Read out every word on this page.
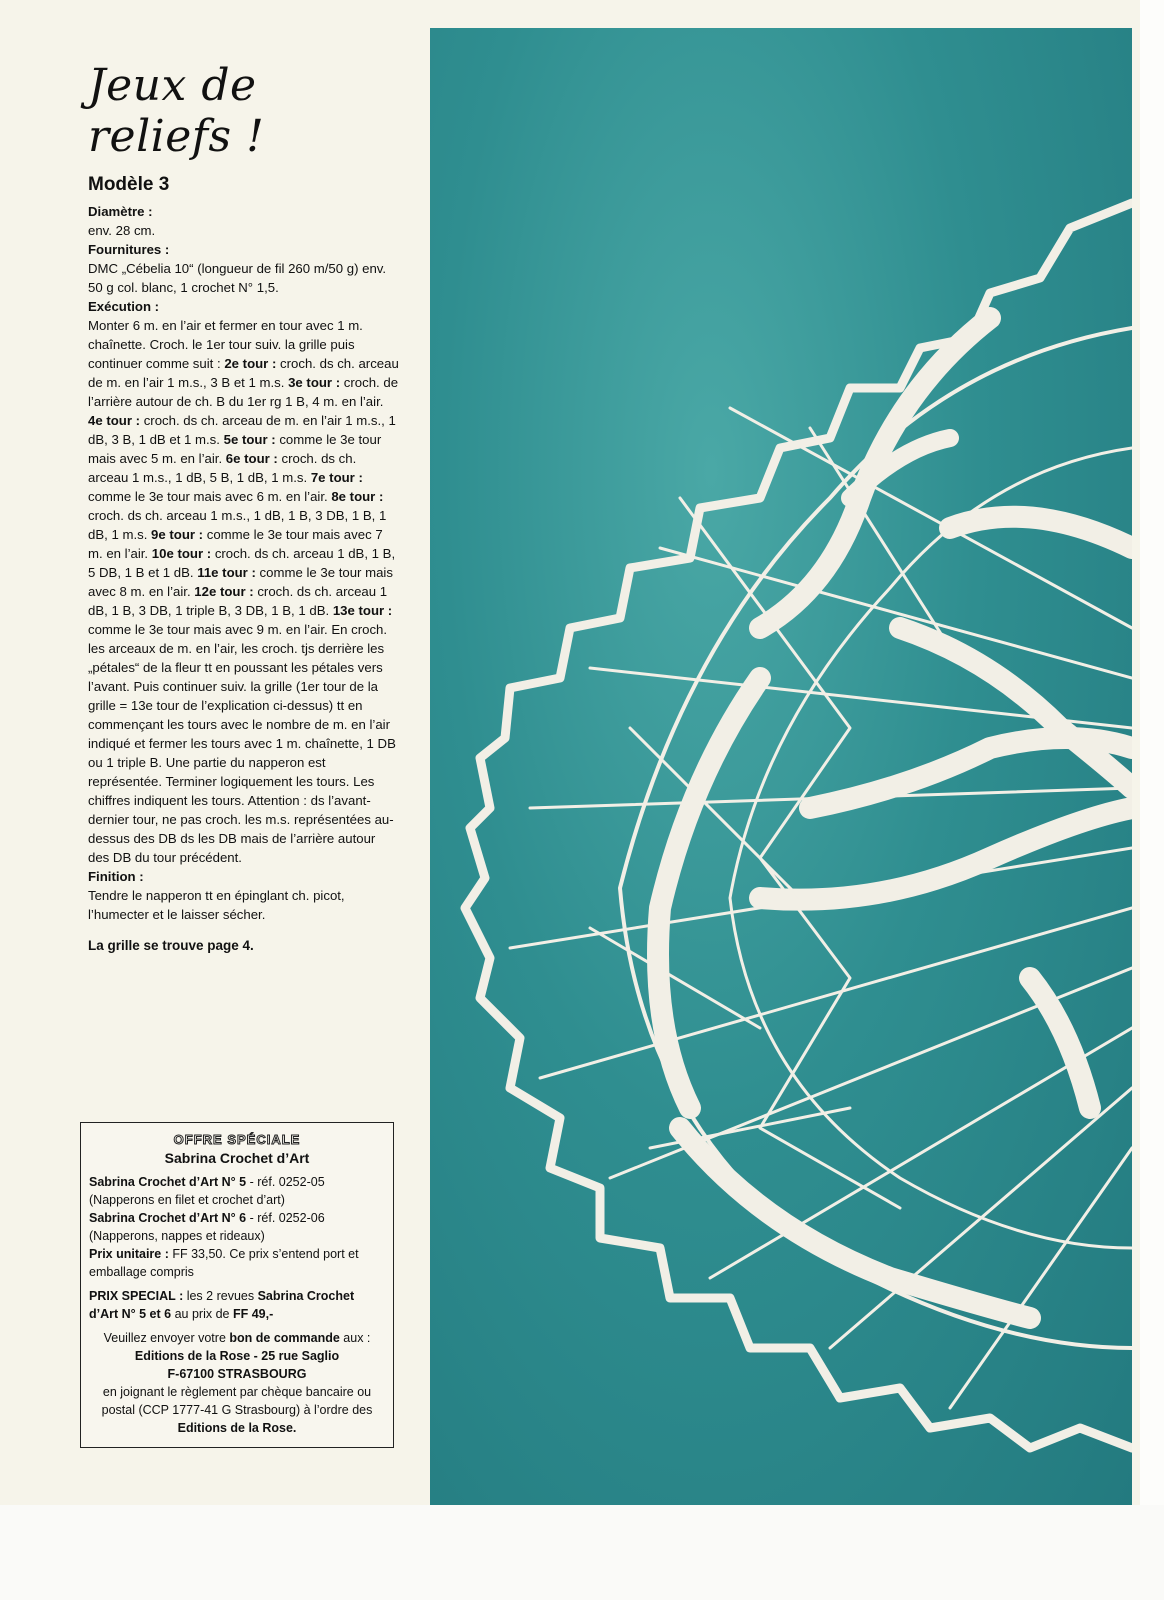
Jeux de reliefs !
Modèle 3
Diamètre :
env. 28 cm.
Fournitures :
DMC „Cébelia 10“ (longueur de fil 260 m/50 g) env. 50 g col. blanc, 1 crochet N° 1,5.
Exécution :
Monter 6 m. en l’air et fermer en tour avec 1 m. chaînette. Croch. le 1er tour suiv. la grille puis continuer comme suit : 2e tour : croch. ds ch. arceau de m. en l’air 1 m.s., 3 B et 1 m.s. 3e tour : croch. de l’arrière autour de ch. B du 1er rg 1 B, 4 m. en l’air. 4e tour : croch. ds ch. arceau de m. en l’air 1 m.s., 1 dB, 3 B, 1 dB et 1 m.s. 5e tour : comme le 3e tour mais avec 5 m. en l’air. 6e tour : croch. ds ch. arceau 1 m.s., 1 dB, 5 B, 1 dB, 1 m.s. 7e tour : comme le 3e tour mais avec 6 m. en l’air. 8e tour : croch. ds ch. arceau 1 m.s., 1 dB, 1 B, 3 DB, 1 B, 1 dB, 1 m.s. 9e tour : comme le 3e tour mais avec 7 m. en l’air. 10e tour : croch. ds ch. arceau 1 dB, 1 B, 5 DB, 1 B et 1 dB. 11e tour : comme le 3e tour mais avec 8 m. en l’air. 12e tour : croch. ds ch. arceau 1 dB, 1 B, 3 DB, 1 triple B, 3 DB, 1 B, 1 dB. 13e tour : comme le 3e tour mais avec 9 m. en l’air. En croch. les arceaux de m. en l’air, les croch. tjs derrière les „pétales“ de la fleur tt en poussant les pétales vers l’avant. Puis continuer suiv. la grille (1er tour de la grille = 13e tour de l’explication ci-dessus) tt en commençant les tours avec le nombre de m. en l’air indiqué et fermer les tours avec 1 m. chaînette, 1 DB ou 1 triple B. Une partie du napperon est représentée. Terminer logiquement les tours. Les chiffres indiquent les tours. Attention : ds l’avant-dernier tour, ne pas croch. les m.s. représentées au-dessus des DB ds les DB mais de l’arrière autour des DB du tour précédent.
Finition :
Tendre le napperon tt en épinglant ch. picot, l’humecter et le laisser sécher.
La grille se trouve page 4.
OFFRE SPÉCIALE
Sabrina Crochet d’Art
Sabrina Crochet d’Art N° 5 - réf. 0252-05
(Napperons en filet et crochet d’art)
Sabrina Crochet d’Art N° 6 - réf. 0252-06
(Napperons, nappes et rideaux)
Prix unitaire : FF 33,50. Ce prix s’entend port et emballage compris
PRIX SPECIAL : les 2 revues Sabrina Crochet d’Art N° 5 et 6 au prix de FF 49,-
Veuillez envoyer votre bon de commande aux :
Editions de la Rose - 25 rue Saglio
F-67100 STRASBOURG
en joignant le règlement par chèque bancaire ou postal (CCP 1777-41 G Strasbourg) à l’ordre des
Editions de la Rose.
